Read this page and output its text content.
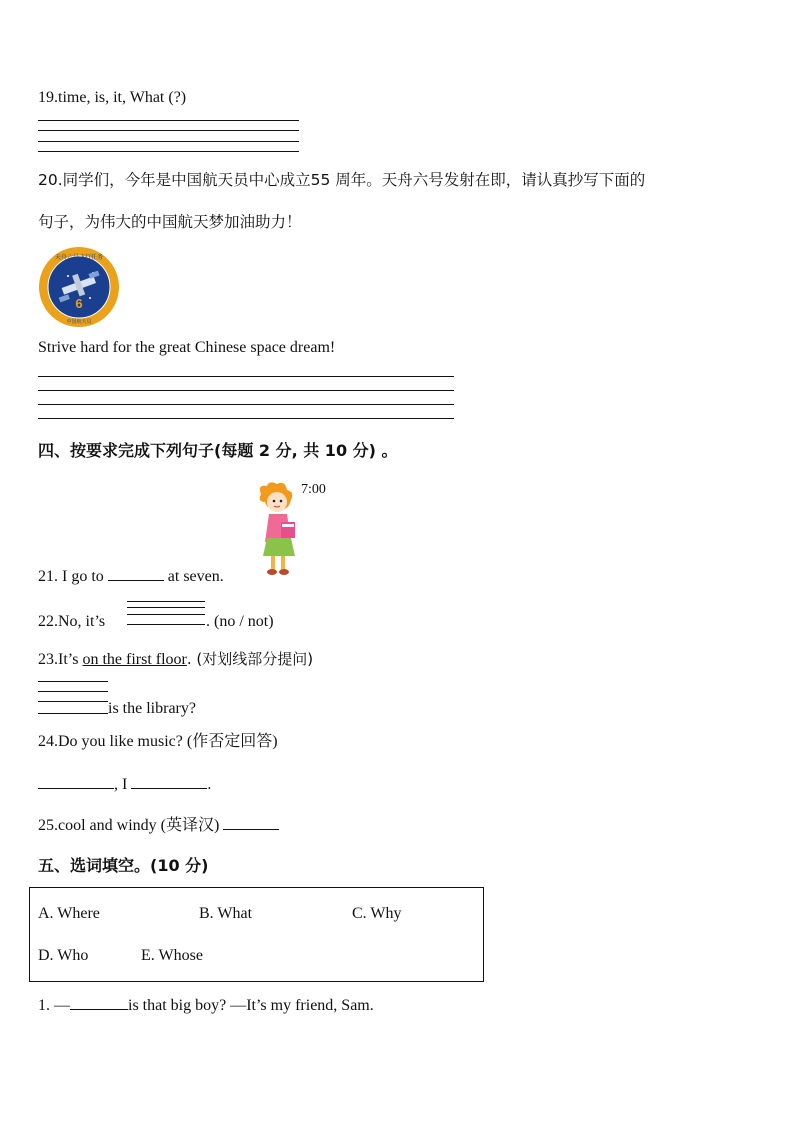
19.time, is, it, What (?)
20.同学们，今年是中国航天员中心成立55 周年。天舟六号发射在即，请认真抄写下面的
句子，为伟大的中国航天梦加油助力！
6
天舟六号飞行任务
中国航天员
Strive hard for the great Chinese space dream!
四、按要求完成下列句子(每题 2 分, 共 10 分) 。
7:00
21. I go to	at seven.
22.No, it’s	. (no / not)
23.It’s on the first floor. (对划线部分提问)
is the library?
24.Do you like music? (作否定回答)
, I	.
25.cool and windy (英译汉)
五、选词填空。(10 分)
A. Where	B. What	C. Why
D. Who	E. Whose
1. —	is that big boy? —It’s my friend, Sam.
